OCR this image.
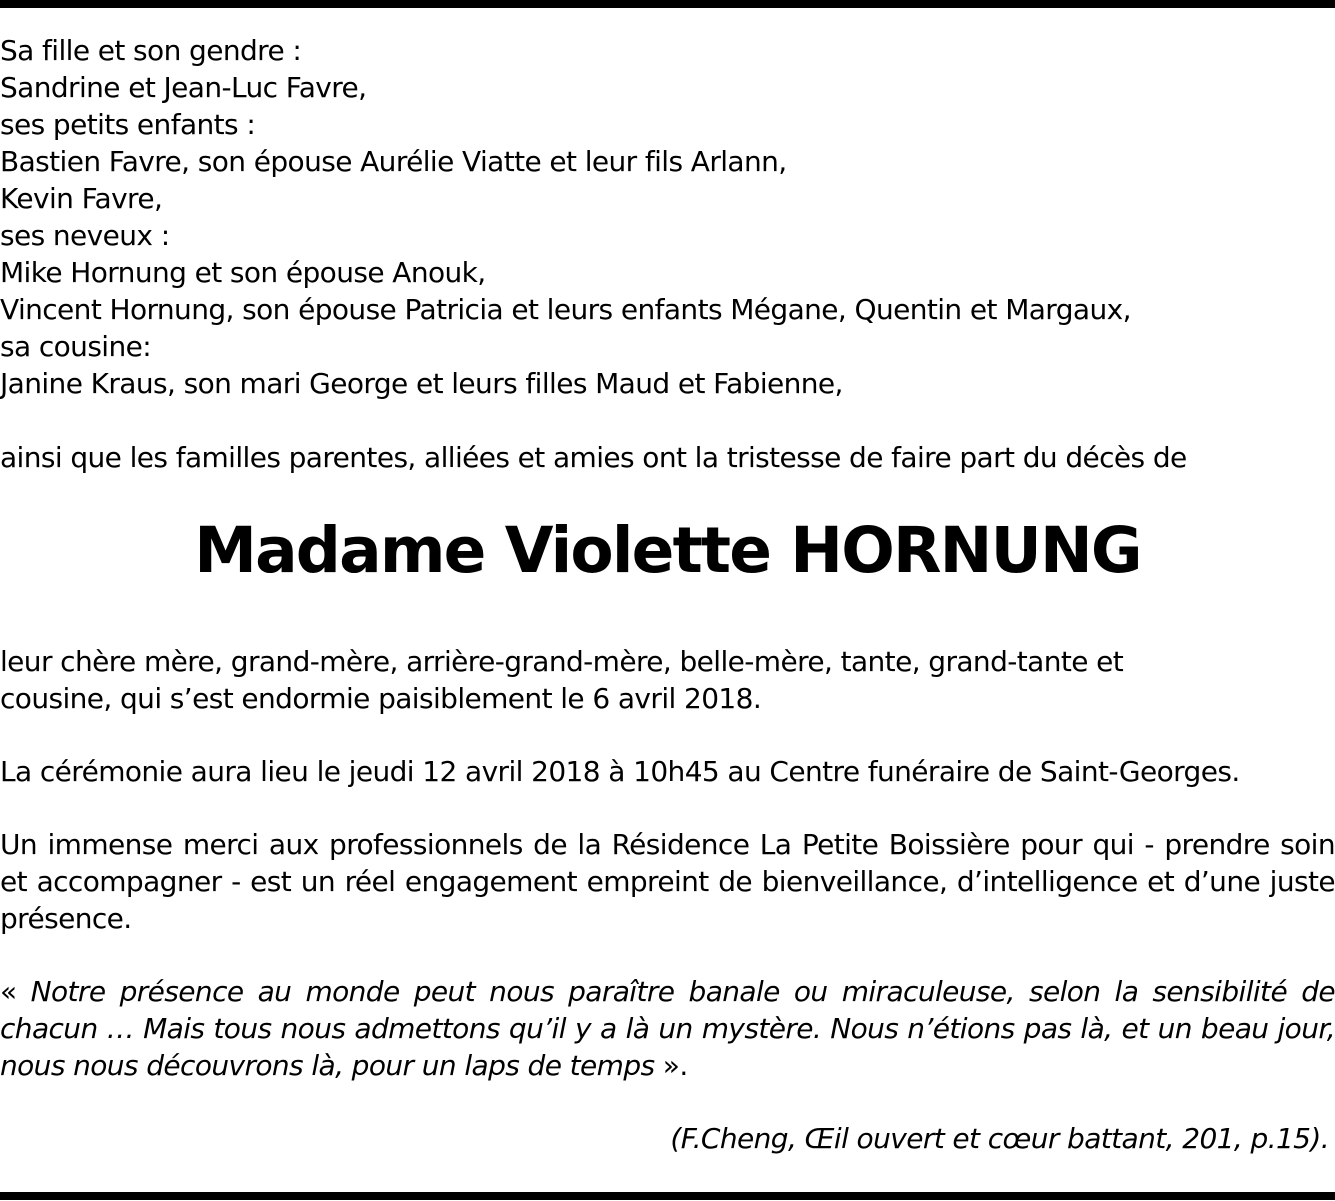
Sa fille et son gendre :
Sandrine et Jean-Luc Favre,
ses petits enfants :
Bastien Favre, son épouse Aurélie Viatte et leur fils Arlann,
Kevin Favre,
ses neveux :
Mike Hornung et son épouse Anouk,
Vincent Hornung, son épouse Patricia et leurs enfants Mégane, Quentin et Margaux,
sa cousine:
Janine Kraus, son mari George et leurs filles Maud et Fabienne,
ainsi que les familles parentes, alliées et amies ont la tristesse de faire part du décès de
Madame Violette HORNUNG
leur chère mère, grand-mère, arrière-grand-mère, belle-mère, tante, grand-tante et
cousine, qui s’est endormie paisiblement le 6 avril 2018.
La cérémonie aura lieu le jeudi 12 avril 2018 à 10h45 au Centre funéraire de Saint-Georges.
Un immense merci aux professionnels de la Résidence La Petite Boissière pour qui - prendre soin et accompagner - est un réel engagement empreint de bienveillance, d’intelligence et d’une juste présence.
« Notre présence au monde peut nous paraître banale ou miraculeuse, selon la sensibilité de chacun … Mais tous nous admettons qu’il y a là un mystère. Nous n’étions pas là, et un beau jour, nous nous découvrons là, pour un laps de temps ».
(F.Cheng, Œil ouvert et cœur battant, 201, p.15).
